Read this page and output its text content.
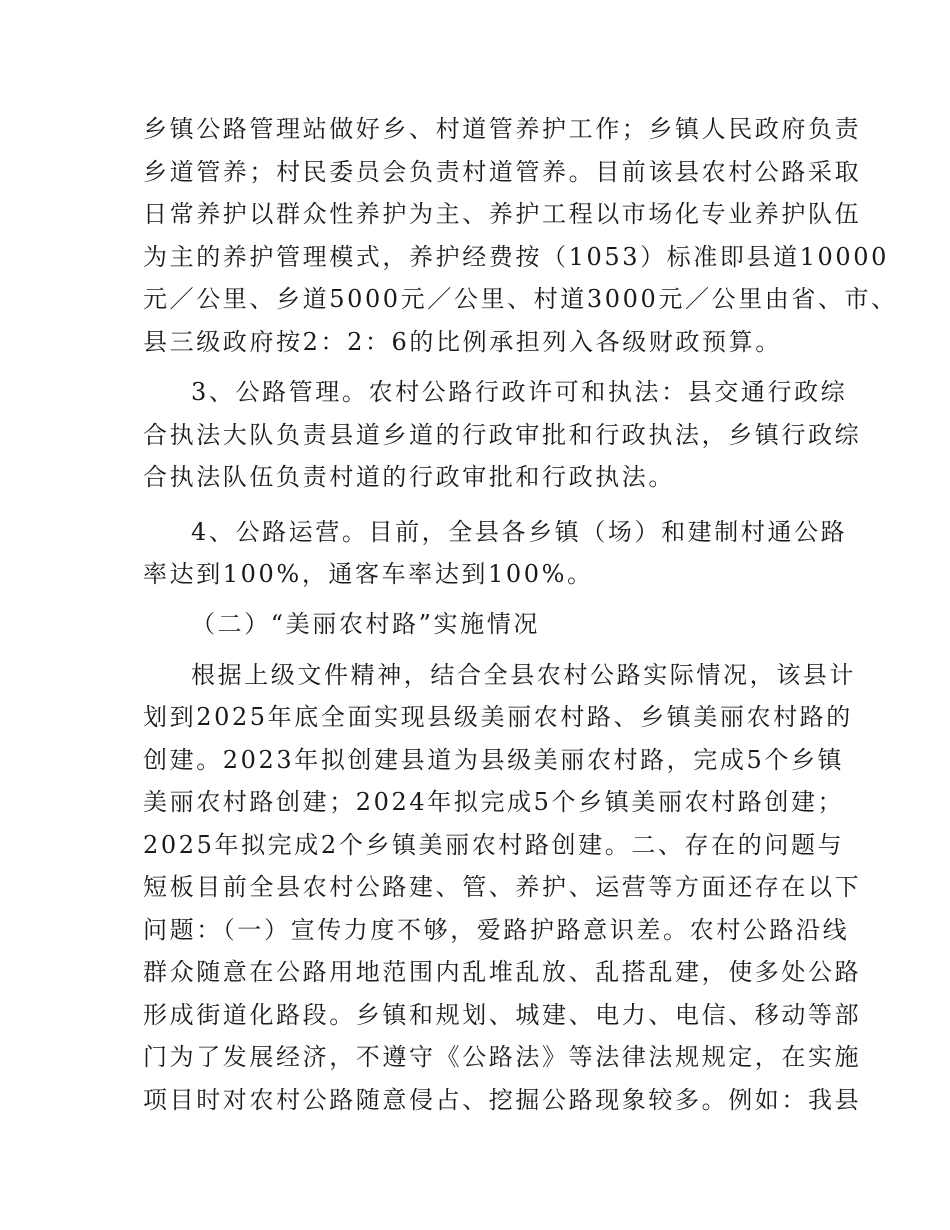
乡镇公路管理站做好乡、村道管养护工作；乡镇人民政府负责
乡道管养；村民委员会负责村道管养。目前该县农村公路采取
日常养护以群众性养护为主、养护工程以市场化专业养护队伍
为主的养护管理模式，养护经费按（1053）标准即县道10000
元／公里、乡道5000元／公里、村道3000元／公里由省、市、
县三级政府按2：2：6的比例承担列入各级财政预算。
3、公路管理。农村公路行政许可和执法：县交通行政综
合执法大队负责县道乡道的行政审批和行政执法，乡镇行政综
合执法队伍负责村道的行政审批和行政执法。
4、公路运营。目前，全县各乡镇（场）和建制村通公路
率达到100%，通客车率达到100%。
（二）“美丽农村路”实施情况
根据上级文件精神，结合全县农村公路实际情况，该县计
划到2025年底全面实现县级美丽农村路、乡镇美丽农村路的
创建。2023年拟创建县道为县级美丽农村路，完成5个乡镇
美丽农村路创建；2024年拟完成5个乡镇美丽农村路创建；
2025年拟完成2个乡镇美丽农村路创建。二、存在的问题与
短板目前全县农村公路建、管、养护、运营等方面还存在以下
问题：（一）宣传力度不够，爱路护路意识差。农村公路沿线
群众随意在公路用地范围内乱堆乱放、乱搭乱建，使多处公路
形成街道化路段。乡镇和规划、城建、电力、电信、移动等部
门为了发展经济，不遵守《公路法》等法律法规规定，在实施
项目时对农村公路随意侵占、挖掘公路现象较多。例如：我县
